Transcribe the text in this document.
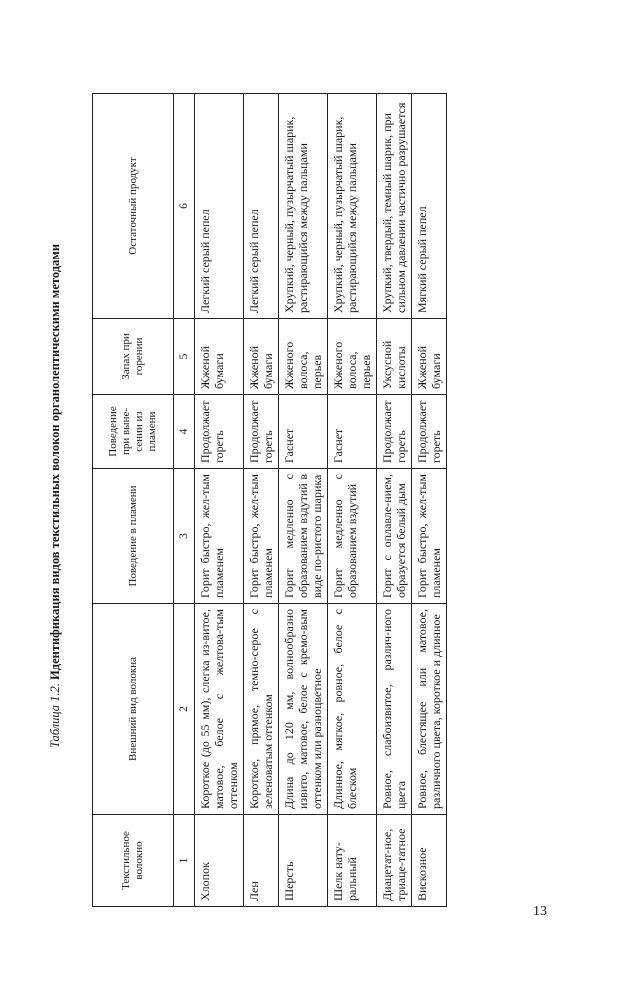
Таблица 1.2. Идентификация видов текстильных волокон органолептическими методами
Текстильное волокно	Внешний вид волокна	Поведение в пламени	Поведение при выне-сении из пламени	Запах при горении	Остаточный продукт
1	2	3	4	5	6
Хлопок	Короткое (до 55 мм), слегка из-витое, матовое, белое с желтова-тым оттенком	Горит быстро, жел-тым пламенем	Продолжает гореть	Жженой бумаги	Легкий серый пепел
Лен	Короткое, прямое, темно-серое с зеленоватым оттенком	Горит быстро, жел-тым пламенем	Продолжает гореть	Жженой бумаги	Легкий серый пепел
Шерсть	Длина до 120 мм, волнообразно извито, матовое, белое с кремо-вым оттенком или разноцветное	Горит медленно с образованием вздутий в виде по-ристого шарика	Гаснет	Жженого волоса, перьев	Хрупкий, черный, пузырчатый шарик, растирающийся между пальцами
Шелк нату-ральный	Длинное, мягкое, ровное, белое с блеском	Горит медленно с образованием вздутий	Гаснет	Жженого волоса, перьев	Хрупкий, черный, пузырчатый шарик, растирающийся между пальцами
Диацетат-ное, триаце-татное	Ровное, слабоизвитое, различ-ного цвета	Горит с оплавле-нием, образуется белый дым	Продолжает гореть	Уксусной кислоты	Хрупкий, твердый, темный шарик, при сильном давлении частично разрушается
Вискозное	Ровное, блестящее или матовое, различного цвета, короткое и длинное	Горит быстро, жел-тым пламенем	Продолжает гореть	Жженой бумаги	Мягкий серый пепел
13
